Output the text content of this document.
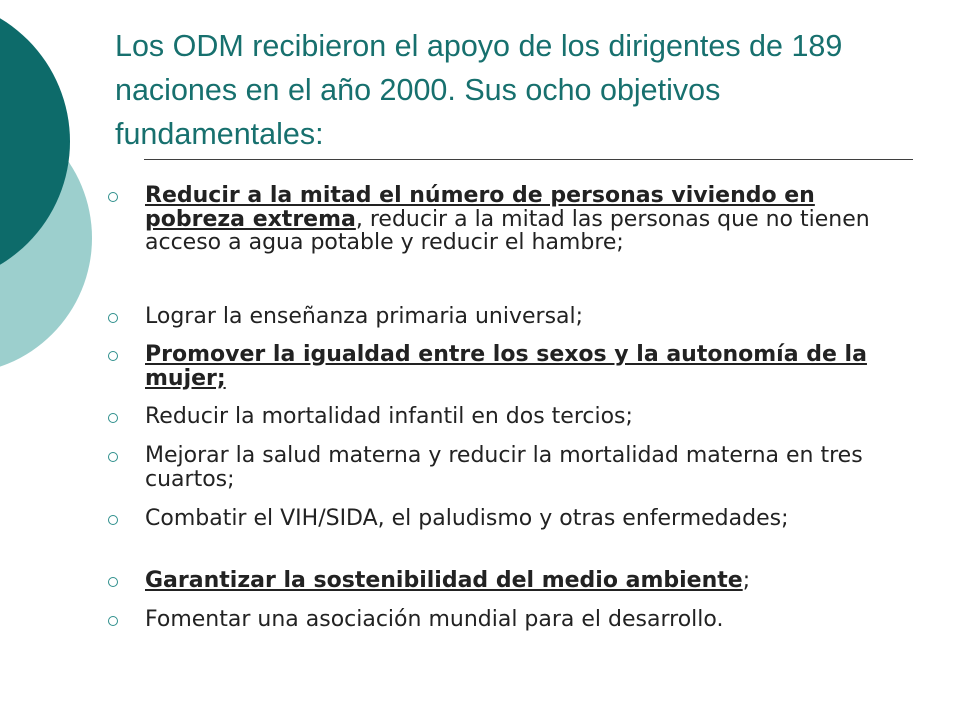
Los ODM recibieron el apoyo de los dirigentes de 189 naciones en el año 2000. Sus ocho objetivos fundamentales:
Reducir a la mitad el número de personas viviendo en pobreza extrema, reducir a la mitad las personas que no tienen acceso a agua potable y reducir el hambre;
Lograr la enseñanza primaria universal;
Promover la igualdad entre los sexos y la autonomía de la mujer;
Reducir la mortalidad infantil en dos tercios;
Mejorar la salud materna y reducir la mortalidad materna en tres cuartos;
Combatir el VIH/SIDA, el paludismo y otras enfermedades;
Garantizar la sostenibilidad del medio ambiente;
Fomentar una asociación mundial para el desarrollo.
